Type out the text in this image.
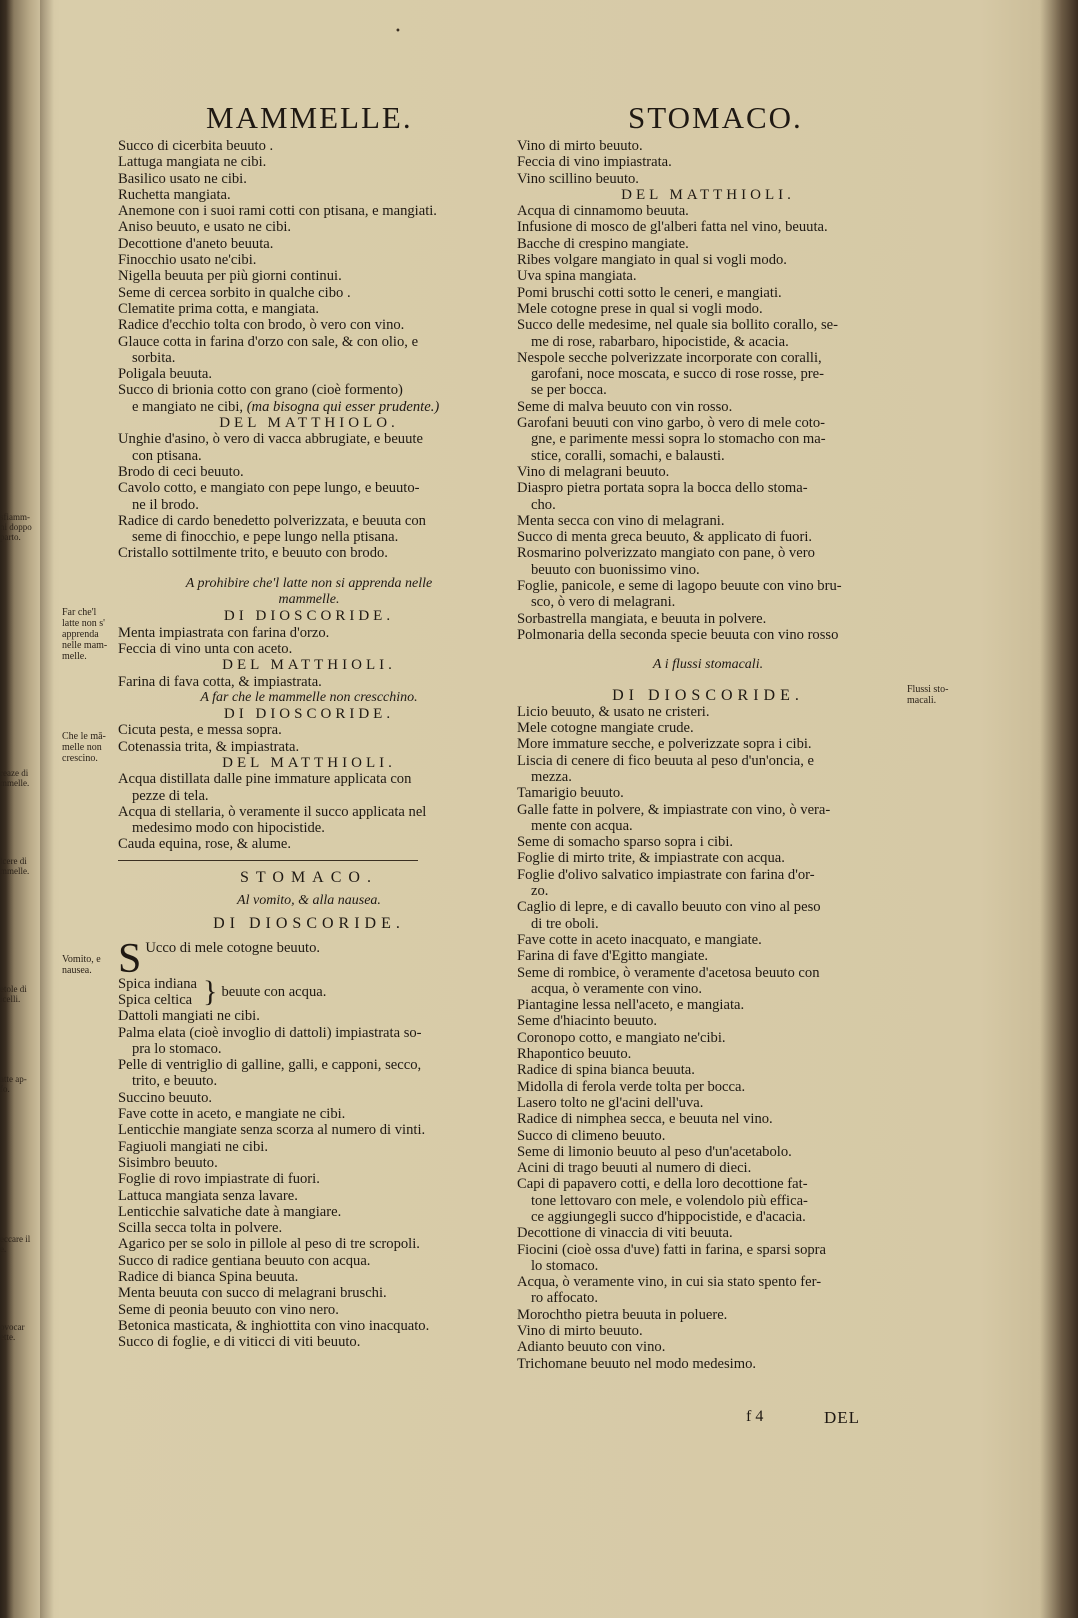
sfiamm-
ni doppo
parto.
reaze di
mmelle.
lcere di
mmelle.
etole di
icelli.
atte ap-
fo.
eccare il
e.
ovocar
ette.
•
MAMMELLE.	STOMACO.
Far che'l
latte non s'
apprenda
nelle mam-
melle.
Che le mā-
melle non
crescino.
Vomito, e
nausea.
Flussi sto-
macali.
Succo di cicerbita beuuto .
Lattuga mangiata ne cibi.
Basilico usato ne cibi.
Ruchetta mangiata.
Anemone con i suoi rami cotti con ptisana, e mangiati.
Aniso beuuto, e usato ne cibi.
Decottione d'aneto beuuta.
Finocchio usato ne'cibi.
Nigella beuuta per più giorni continui.
Seme di cercea sorbito in qualche cibo .
Clematite prima cotta, e mangiata.
Radice d'ecchio tolta con brodo, ò vero con vino.
Glauce cotta in farina d'orzo con sale, & con olio, e
sorbita.
Poligala beuuta.
Succo di brionia cotto con grano (cioè formento)
e mangiato ne cibi, (ma bisogna qui esser prudente.)
DEL MATTHIOLO.
Unghie d'asino, ò vero di vacca abbrugiate, e beuute
con ptisana.
Brodo di ceci beuuto.
Cavolo cotto, e mangiato con pepe lungo, e beuuto-
ne il brodo.
Radice di cardo benedetto polverizzata, e beuuta con
seme di finocchio, e pepe lungo nella ptisana.
Cristallo sottilmente trito, e beuuto con brodo.
A prohibire che'l latte non si apprenda nelle
mammelle.
DI DIOSCORIDE.
Menta impiastrata con farina d'orzo.
Feccia di vino unta con aceto.
DEL MATTHIOLI.
Farina di fava cotta, & impiastrata.
A far che le mammelle non crescchino.
DI DIOSCORIDE.
Cicuta pesta, e messa sopra.
Cotenassia trita, & impiastrata.
DEL MATTHIOLI.
Acqua distillata dalle pine immature applicata con
pezze di tela.
Acqua di stellaria, ò veramente il succo applicata nel
medesimo modo con hipocistide.
Cauda equina, rose, & alume.
STOMACO.
Al vomito, & alla nausea.
DI DIOSCORIDE.
S Ucco di mele cotogne beuuto.
Spica indiana
Spica celtica } beuute con acqua.
Dattoli mangiati ne cibi.
Palma elata (cioè invoglio di dattoli) impiastrata so-
pra lo stomaco.
Pelle di ventriglio di galline, galli, e capponi, secco,
trito, e beuuto.
Succino beuuto.
Fave cotte in aceto, e mangiate ne cibi.
Lenticchie mangiate senza scorza al numero di vinti.
Fagiuoli mangiati ne cibi.
Sisimbro beuuto.
Foglie di rovo impiastrate di fuori.
Lattuca mangiata senza lavare.
Lenticchie salvatiche date à mangiare.
Scilla secca tolta in polvere.
Agarico per se solo in pillole al peso di tre scropoli.
Succo di radice gentiana beuuto con acqua.
Radice di bianca Spina beuuta.
Menta beuuta con succo di melagrani bruschi.
Seme di peonia beuuto con vino nero.
Betonica masticata, & inghiottita con vino inacquato.
Succo di foglie, e di viticci di viti beuuto.
Vino di mirto beuuto.
Feccia di vino impiastrata.
Vino scillino beuuto.
DEL MATTHIOLI.
Acqua di cinnamomo beuuta.
Infusione di mosco de gl'alberi fatta nel vino, beuuta.
Bacche di crespino mangiate.
Ribes volgare mangiato in qual si vogli modo.
Uva spina mangiata.
Pomi bruschi cotti sotto le ceneri, e mangiati.
Mele cotogne prese in qual si vogli modo.
Succo delle medesime, nel quale sia bollito corallo, se-
me di rose, rabarbaro, hipocistide, & acacia.
Nespole secche polverizzate incorporate con coralli,
garofani, noce moscata, e succo di rose rosse, pre-
se per bocca.
Seme di malva beuuto con vin rosso.
Garofani beuuti con vino garbo, ò vero di mele coto-
gne, e parimente messi sopra lo stomacho con ma-
stice, coralli, somachi, e balausti.
Vino di melagrani beuuto.
Diaspro pietra portata sopra la bocca dello stoma-
cho.
Menta secca con vino di melagrani.
Succo di menta greca beuuto, & applicato di fuori.
Rosmarino polverizzato mangiato con pane, ò vero
beuuto con buonissimo vino.
Foglie, panicole, e seme di lagopo beuute con vino bru-
sco, ò vero di melagrani.
Sorbastrella mangiata, e beuuta in polvere.
Polmonaria della seconda specie beuuta con vino rosso
A i flussi stomacali.
DI DIOSCORIDE.
Licio beuuto, & usato ne cristeri.
Mele cotogne mangiate crude.
More immature secche, e polverizzate sopra i cibi.
Liscia di cenere di fico beuuta al peso d'un'oncia, e
mezza.
Tamarigio beuuto.
Galle fatte in polvere, & impiastrate con vino, ò vera-
mente con acqua.
Seme di somacho sparso sopra i cibi.
Foglie di mirto trite, & impiastrate con acqua.
Foglie d'olivo salvatico impiastrate con farina d'or-
zo.
Caglio di lepre, e di cavallo beuuto con vino al peso
di tre oboli.
Fave cotte in aceto inacquato, e mangiate.
Farina di fave d'Egitto mangiate.
Seme di rombice, ò veramente d'acetosa beuuto con
acqua, ò veramente con vino.
Piantagine lessa nell'aceto, e mangiata.
Seme d'hiacinto beuuto.
Coronopo cotto, e mangiato ne'cibi.
Rhapontico beuuto.
Radice di spina bianca beuuta.
Midolla di ferola verde tolta per bocca.
Lasero tolto ne gl'acini dell'uva.
Radice di nimphea secca, e beuuta nel vino.
Succo di climeno beuuto.
Seme di limonio beuuto al peso d'un'acetabolo.
Acini di trago beuuti al numero di dieci.
Capi di papavero cotti, e della loro decottione fat-
tone lettovaro con mele, e volendolo più effica-
ce aggiungegli succo d'hippocistide, e d'acacia.
Decottione di vinaccia di viti beuuta.
Fiocini (cioè ossa d'uve) fatti in farina, e sparsi sopra
lo stomaco.
Acqua, ò veramente vino, in cui sia stato spento fer-
ro affocato.
Morochtho pietra beuuta in poluere.
Vino di mirto beuuto.
Adianto beuuto con vino.
Trichomane beuuto nel modo medesimo.
f 4	DEL
